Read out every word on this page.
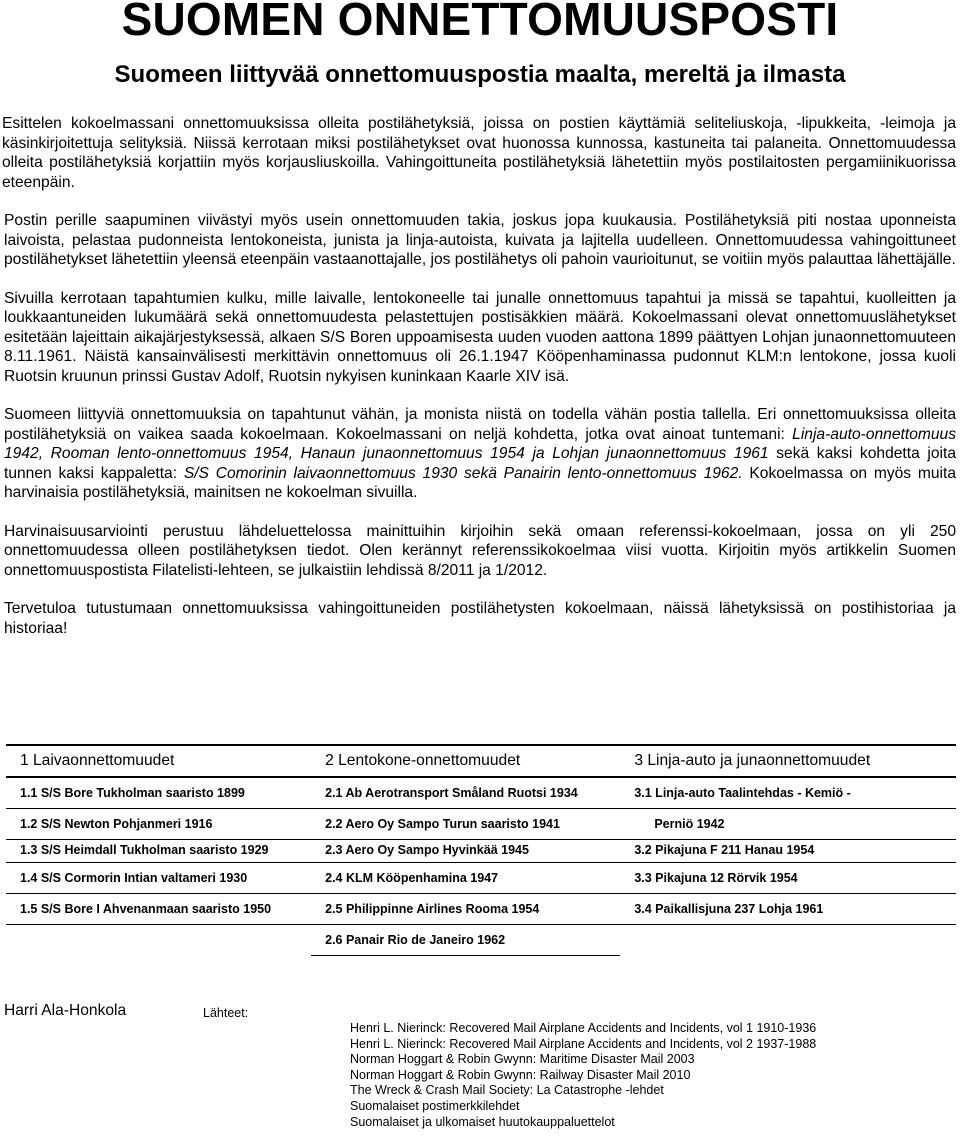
SUOMEN ONNETTOMUUSPOSTI
Suomeen liittyvää onnettomuuspostia maalta, mereltä ja ilmasta

Esittelen kokoelmassani onnettomuuksissa olleita postilähetyksiä, joissa on postien käyttämiä seliteliuskoja, -lipukkeita, -leimoja ja käsinkirjoitettuja selityksiä. Niissä kerrotaan miksi postilähetykset ovat huonossa kunnossa, kastuneita tai palaneita. Onnettomuudessa olleita postilähetyksiä korjattiin myös korjausliuskoilla. Vahingoittuneita postilähetyksiä lähetettiin myös postilaitosten pergamiinikuorissa eteenpäin.

Postin perille saapuminen viivästyi myös usein onnettomuuden takia, joskus jopa kuukausia. Postilähetyksiä piti nostaa uponneista laivoista, pelastaa pudonneista lentokoneista, junista ja linja-autoista, kuivata ja lajitella uudelleen. Onnettomuudessa vahingoittuneet postilähetykset lähetettiin yleensä eteenpäin vastaanottajalle, jos postilähetys oli pahoin vaurioitunut, se voitiin myös palauttaa lähettäjälle.

Sivuilla kerrotaan tapahtumien kulku, mille laivalle, lentokoneelle tai junalle onnettomuus tapahtui ja missä se tapahtui, kuolleitten ja loukkaantuneiden lukumäärä sekä onnettomuudesta pelastettujen postisäkkien määrä. Kokoelmassani olevat onnettomuuslähetykset esitetään lajeittain aikajärjestyksessä, alkaen S/S Boren uppoamisesta uuden vuoden aattona 1899 päättyen Lohjan junaonnettomuuteen 8.11.1961. Näistä kansainvälisesti merkittävin onnettomuus oli 26.1.1947 Kööpenhaminassa pudonnut KLM:n lentokone, jossa kuoli Ruotsin kruunun prinssi Gustav Adolf, Ruotsin nykyisen kuninkaan Kaarle XIV isä.

Suomeen liittyviä onnettomuuksia on tapahtunut vähän, ja monista niistä on todella vähän postia tallella. Eri onnettomuuksissa olleita postilähetyksiä on vaikea saada kokoelmaan. Kokoelmassani on neljä kohdetta, jotka ovat ainoat tuntemani: Linja-auto-onnettomuus 1942, Rooman lento-onnettomuus 1954, Hanaun junaonnettomuus 1954 ja Lohjan junaonnettomuus 1961 sekä kaksi kohdetta joita tunnen kaksi kappaletta: S/S Comorinin laivaonnettomuus 1930 sekä Panairin lento-onnettomuus 1962. Kokoelmassa on myös muita harvinaisia postilähetyksiä, mainitsen ne kokoelman sivuilla.

Harvinaisuusarviointi perustuu lähdeluettelossa mainittuihin kirjoihin sekä omaan referenssi-kokoelmaan, jossa on yli 250 onnettomuudessa olleen postilähetyksen tiedot. Olen kerännyt referenssikokoelmaa viisi vuotta. Kirjoitin myös artikkelin Suomen onnettomuuspostista Filatelisti-lehteen, se julkaistiin lehdissä 8/2011 ja 1/2012.

Tervetuloa tutustumaan onnettomuuksissa vahingoittuneiden postilähetysten kokoelmaan, näissä lähetyksissä on postihistoriaa ja historiaa!

1 Laivaonnettomuudet	2 Lentokone-onnettomuudet	3 Linja-auto ja junaonnettomuudet
1.1 S/S Bore Tukholman saaristo 1899	2.1 Ab Aerotransport Småland Ruotsi 1934	3.1 Linja-auto Taalintehdas - Kemiö -
1.2 S/S Newton Pohjanmeri 1916	2.2 Aero Oy Sampo Turun saaristo 1941	Perniö 1942
1.3 S/S Heimdall Tukholman saaristo 1929	2.3 Aero Oy Sampo Hyvinkää 1945	3.2 Pikajuna F 211 Hanau 1954
1.4 S/S Cormorin Intian valtameri 1930	2.4 KLM Kööpenhamina 1947	3.3 Pikajuna 12 Rörvik 1954
1.5 S/S Bore I Ahvenanmaan saaristo 1950	2.5 Philippinne Airlines Rooma 1954	3.4 Paikallisjuna 237 Lohja 1961
	2.6 Panair Rio de Janeiro 1962	
Harri Ala-Honkola	Lähteet:
Henri L. Nierinck: Recovered Mail Airplane Accidents and Incidents, vol 1 1910-1936
Henri L. Nierinck: Recovered Mail Airplane Accidents and Incidents, vol 2 1937-1988
Norman Hoggart & Robin Gwynn: Maritime Disaster Mail 2003
Norman Hoggart & Robin Gwynn: Railway Disaster Mail 2010
The Wreck & Crash Mail Society: La Catastrophe -lehdet
Suomalaiset postimerkkilehdet
Suomalaiset ja ulkomaiset huutokauppaluettelot
